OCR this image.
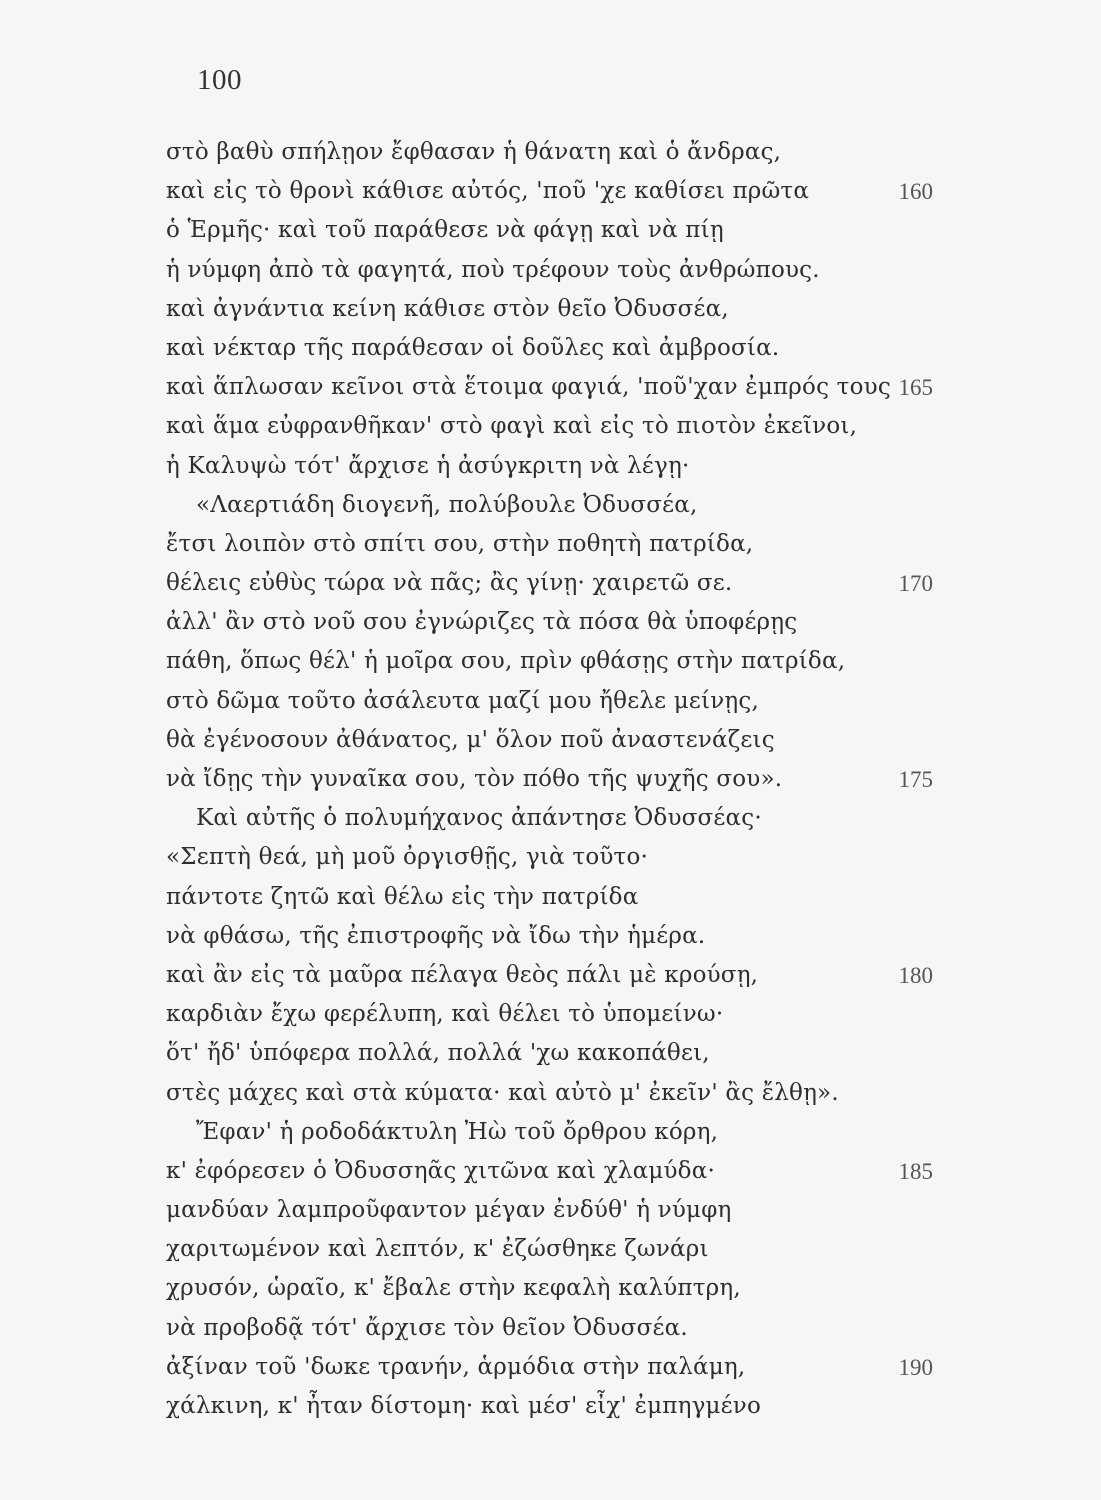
100
στὸ βαθὺ σπήλῃον ἔφθασαν ἡ θάνατη καὶ ὁ ἄνδρας,
καὶ εἰς τὸ θρονὶ κάθισε αὐτός, 'ποῦ 'χε καθίσει πρῶτα	160
ὁ Ἑρμῆς· καὶ τοῦ παράθεσε νὰ φάγῃ καὶ νὰ πίῃ
ἡ νύμφη ἀπὸ τὰ φαγητά, ποὺ τρέφουν τοὺς ἀνθρώπους.
καὶ ἀγνάντια κείνη κάθισε στὸν θεῖο Ὀδυσσέα,
καὶ νέκταρ τῆς παράθεσαν οἱ δοῦλες καὶ ἀμβροσία.
καὶ ἅπλωσαν κεῖνοι στὰ ἕτοιμα φαγιά, 'ποῦ'χαν ἐμπρός τους 165
καὶ ἅμα εὐφρανθῆκαν' στὸ φαγὶ καὶ εἰς τὸ πιοτὸν ἐκεῖνοι,
ἡ Καλυψὼ τότ' ἄρχισε ἡ ἀσύγκριτη νὰ λέγῃ·
«Λαερτιάδη διογενῆ, πολύβουλε Ὀδυσσέα,
ἔτσι λοιπὸν στὸ σπίτι σου, στὴν ποθητὴ πατρίδα,
θέλεις εὐθὺς τώρα νὰ πᾶς; ἂς γίνῃ· χαιρετῶ σε.	170
ἀλλ' ἂν στὸ νοῦ σου ἐγνώριζες τὰ πόσα θὰ ὑποφέρῃς
πάθη, ὅπως θέλ' ἡ μοῖρα σου, πρὶν φθάσῃς στὴν πατρίδα,
στὸ δῶμα τοῦτο ἀσάλευτα μαζί μου ἤθελε μείνῃς,
θὰ ἐγένοσουν ἀθάνατος, μ' ὅλον ποῦ ἀναστενάζεις
νὰ ἴδῃς τὴν γυναῖκα σου, τὸν πόθο τῆς ψυχῆς σου».	175
Καὶ αὐτῆς ὁ πολυμήχανος ἀπάντησε Ὀδυσσέας·
«Σεπτὴ θεά, μὴ μοῦ ὀργισθῇς, γιὰ τοῦτο·
πάντοτε ζητῶ καὶ θέλω εἰς τὴν πατρίδα
νὰ φθάσω, τῆς ἐπιστροφῆς νὰ ἴδω τὴν ἡμέρα.
καὶ ἂν εἰς τὰ μαῦρα πέλαγα θεὸς πάλι μὲ κρούσῃ,	180
καρδιὰν ἔχω φερέλυπη, καὶ θέλει τὸ ὑπομείνω·
ὅτ' ἤδ' ὑπόφερα πολλά, πολλά 'χω κακοπάθει,
στὲς μάχες καὶ στὰ κύματα· καὶ αὐτὸ μ' ἐκεῖν' ἂς ἔλθῃ».
Ἔφαν' ἡ ροδοδάκτυλη Ἠὼ τοῦ ὄρθρου κόρη,
κ' ἐφόρεσεν ὁ Ὀδυσσηᾶς χιτῶνα καὶ χλαμύδα·	185
μανδύαν λαμπροῦφαντον μέγαν ἐνδύθ' ἡ νύμφη
χαριτωμένον καὶ λεπτόν, κ' ἐζώσθηκε ζωνάρι
χρυσόν, ὡραῖο, κ' ἔβαλε στὴν κεφαλὴ καλύπτρη,
νὰ προβοδᾷ τότ' ἄρχισε τὸν θεῖον Ὀδυσσέα.
ἀξίναν τοῦ 'δωκε τρανήν, ἁρμόδια στὴν παλάμη,	190
χάλκινη, κ' ἦταν δίστομη· καὶ μέσ' εἶχ' ἐμπηγμένο
